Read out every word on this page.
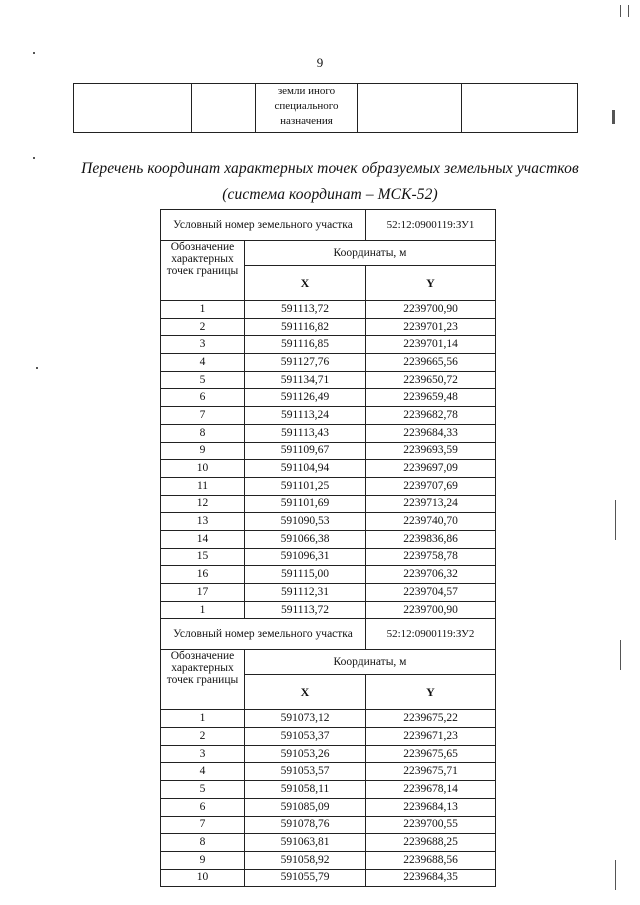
9

земли иного
специального
назначения

Перечень координат характерных точек образуемых земельных участков
(система координат – МСК-52)
Условный номер земельного участка		52:12:0900119:ЗУ1
Обозначение характерных точек границы	Координаты, м	
	X	Y
1	591113,72	2239700,90
2	591116,82	2239701,23
3	591116,85	2239701,14
4	591127,76	2239665,56
5	591134,71	2239650,72
6	591126,49	2239659,48
7	591113,24	2239682,78
8	591113,43	2239684,33
9	591109,67	2239693,59
10	591104,94	2239697,09
11	591101,25	2239707,69
12	591101,69	2239713,24
13	591090,53	2239740,70
14	591066,38	2239836,86
15	591096,31	2239758,78
16	591115,00	2239706,32
17	591112,31	2239704,57
1	591113,72	2239700,90
Условный номер земельного участка		52:12:0900119:ЗУ2
Обозначение характерных точек границы	Координаты, м	
	X	Y
1	591073,12	2239675,22
2	591053,37	2239671,23
3	591053,26	2239675,65
4	591053,57	2239675,71
5	591058,11	2239678,14
6	591085,09	2239684,13
7	591078,76	2239700,55
8	591063,81	2239688,25
9	591058,92	2239688,56
10	591055,79	2239684,35
